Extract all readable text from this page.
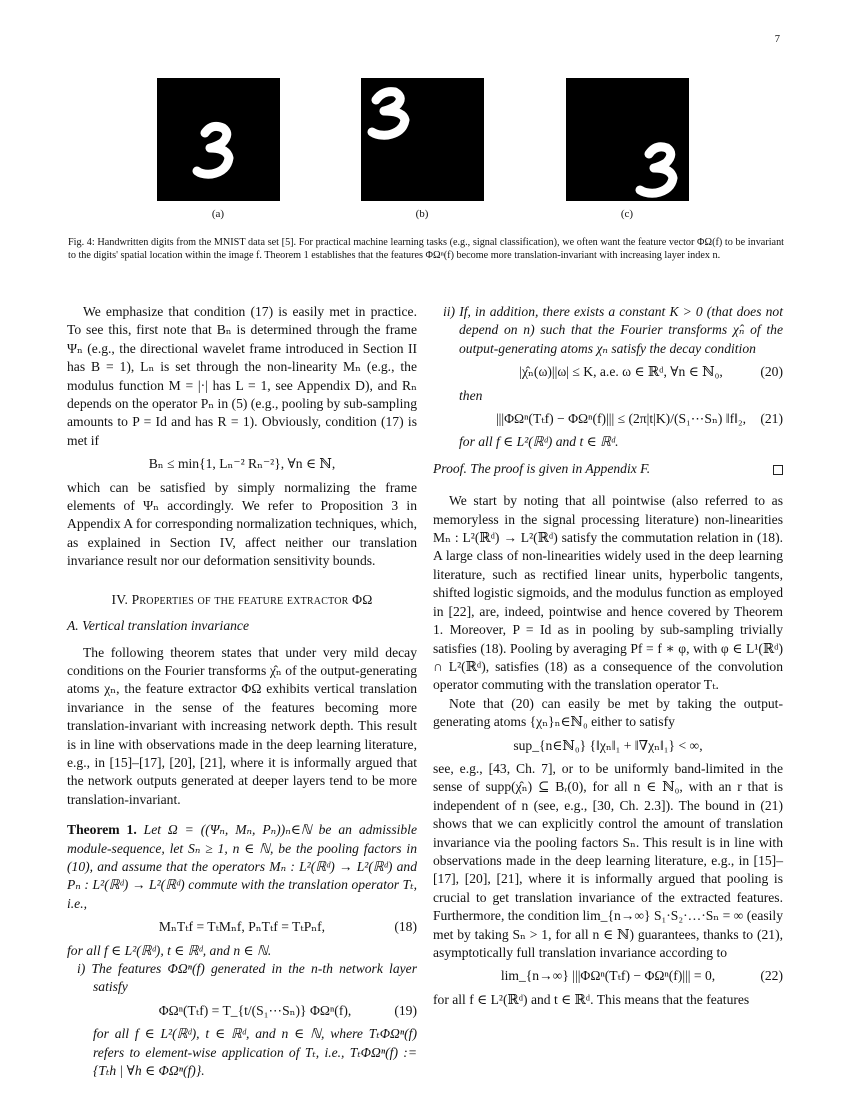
7
(a)	(b)	(c)
Fig. 4: Handwritten digits from the MNIST data set [5]. For practical machine learning tasks (e.g., signal classification), we often want the feature vector ΦΩ(f) to be invariant to the digits' spatial location within the image f. Theorem 1 establishes that the features ΦΩⁿ(f) become more translation-invariant with increasing layer index n.

We emphasize that condition (17) is easily met in practice. To see this, first note that Bₙ is determined through the frame Ψₙ (e.g., the directional wavelet frame introduced in Section II has B = 1), Lₙ is set through the non-linearity Mₙ (e.g., the modulus function M = |·| has L = 1, see Appendix D), and Rₙ depends on the operator Pₙ in (5) (e.g., pooling by sub-sampling amounts to P = Id and has R = 1). Obviously, condition (17) is met if

Bₙ ≤ min{1, Lₙ⁻² Rₙ⁻²}, ∀n ∈ ℕ,

which can be satisfied by simply normalizing the frame elements of Ψₙ accordingly. We refer to Proposition 3 in Appendix A for corresponding normalization techniques, which, as explained in Section IV, affect neither our translation invariance result nor our deformation sensitivity bounds.

IV. Properties of the feature extractor ΦΩ
A. Vertical translation invariance

The following theorem states that under very mild decay conditions on the Fourier transforms χ̂ₙ of the output-generating atoms χₙ, the feature extractor ΦΩ exhibits vertical translation invariance in the sense of the features becoming more translation-invariant with increasing network depth. This result is in line with observations made in the deep learning literature, e.g., in [15]–[17], [20], [21], where it is informally argued that the network outputs generated at deeper layers tend to be more translation-invariant.

Theorem 1. Let Ω = ((Ψₙ, Mₙ, Pₙ))ₙ∈ℕ be an admissible module-sequence, let Sₙ ≥ 1, n ∈ ℕ, be the pooling factors in (10), and assume that the operators Mₙ : L²(ℝᵈ) → L²(ℝᵈ) and Pₙ : L²(ℝᵈ) → L²(ℝᵈ) commute with the translation operator Tₜ, i.e.,

MₙTₜf = TₜMₙf, PₙTₜf = TₜPₙf,	(18)

for all f ∈ L²(ℝᵈ), t ∈ ℝᵈ, and n ∈ ℕ.

i) The features ΦΩⁿ(f) generated in the n-th network layer satisfy

ΦΩⁿ(Tₜf) = T_{t/(S₁⋯Sₙ)} ΦΩⁿ(f),	(19)

for all f ∈ L²(ℝᵈ), t ∈ ℝᵈ, and n ∈ ℕ, where TₜΦΩⁿ(f) refers to element-wise application of Tₜ, i.e., TₜΦΩⁿ(f) := {Tₜh | ∀h ∈ ΦΩⁿ(f)}.

ii) If, in addition, there exists a constant K > 0 (that does not depend on n) such that the Fourier transforms χ̂ₙ of the output-generating atoms χₙ satisfy the decay condition

|χ̂ₙ(ω)||ω| ≤ K, a.e. ω ∈ ℝᵈ, ∀n ∈ ℕ₀,	(20)

then

|||ΦΩⁿ(Tₜf) − ΦΩⁿ(f)||| ≤ (2π|t|K)/(S₁⋯Sₙ) ‖f‖₂, (21)

for all f ∈ L²(ℝᵈ) and t ∈ ℝᵈ.

Proof. The proof is given in Appendix F.

We start by noting that all pointwise (also referred to as memoryless in the signal processing literature) non-linearities Mₙ : L²(ℝᵈ) → L²(ℝᵈ) satisfy the commutation relation in (18). A large class of non-linearities widely used in the deep learning literature, such as rectified linear units, hyperbolic tangents, shifted logistic sigmoids, and the modulus function as employed in [22], are, indeed, pointwise and hence covered by Theorem 1. Moreover, P = Id as in pooling by sub-sampling trivially satisfies (18). Pooling by averaging Pf = f ∗ φ, with φ ∈ L¹(ℝᵈ) ∩ L²(ℝᵈ), satisfies (18) as a consequence of the convolution operator commuting with the translation operator Tₜ.

Note that (20) can easily be met by taking the output-generating atoms {χₙ}ₙ∈ℕ₀ either to satisfy

sup_{n∈ℕ₀} {‖χₙ‖₁ + ‖∇χₙ‖₁} < ∞,

see, e.g., [43, Ch. 7], or to be uniformly band-limited in the sense of supp(χ̂ₙ) ⊆ Bᵣ(0), for all n ∈ ℕ₀, with an r that is independent of n (see, e.g., [30, Ch. 2.3]). The bound in (21) shows that we can explicitly control the amount of translation invariance via the pooling factors Sₙ. This result is in line with observations made in the deep learning literature, e.g., in [15]–[17], [20], [21], where it is informally argued that pooling is crucial to get translation invariance of the extracted features. Furthermore, the condition lim_{n→∞} S₁·S₂·…·Sₙ = ∞ (easily met by taking Sₙ > 1, for all n ∈ ℕ) guarantees, thanks to (21), asymptotically full translation invariance according to

lim_{n→∞} |||ΦΩⁿ(Tₜf) − ΦΩⁿ(f)||| = 0,	(22)

for all f ∈ L²(ℝᵈ) and t ∈ ℝᵈ. This means that the features
